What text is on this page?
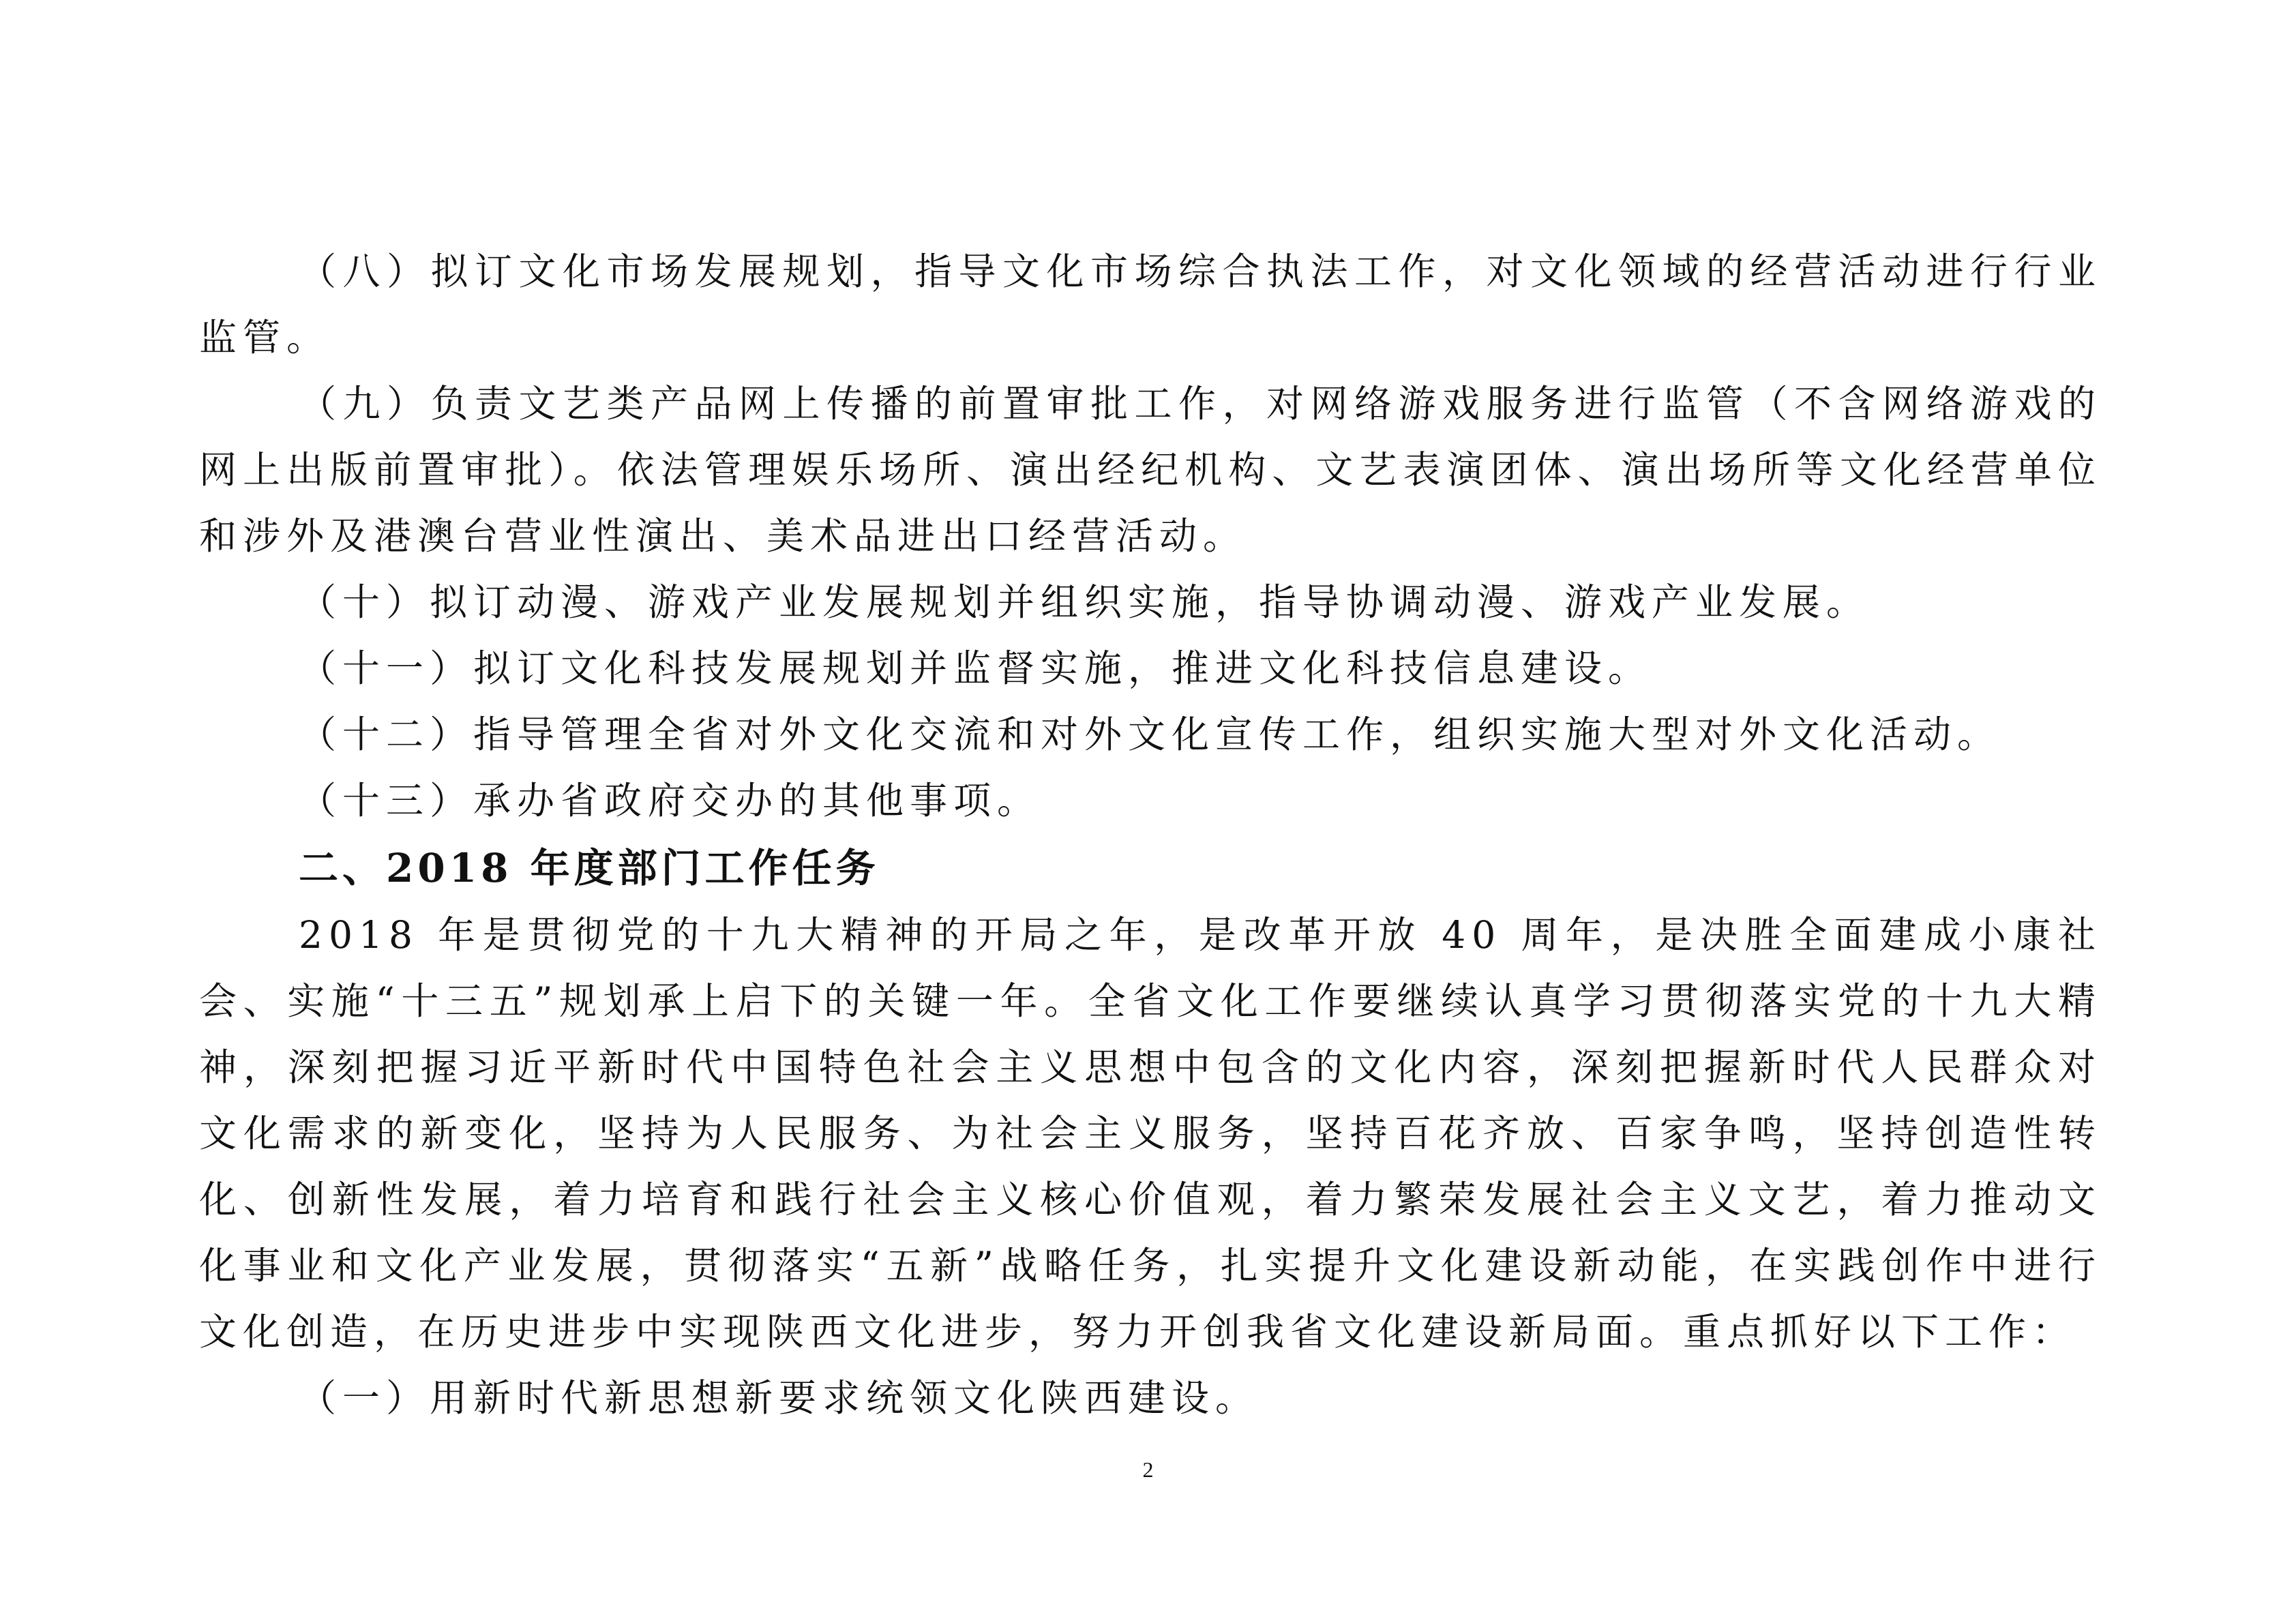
（八）拟订文化市场发展规划，指导文化市场综合执法工作，对文化领域的经营活动进行行业监管。

（九）负责文艺类产品网上传播的前置审批工作，对网络游戏服务进行监管（不含网络游戏的网上出版前置审批）。依法管理娱乐场所、演出经纪机构、文艺表演团体、演出场所等文化经营单位和涉外及港澳台营业性演出、美术品进出口经营活动。

（十）拟订动漫、游戏产业发展规划并组织实施，指导协调动漫、游戏产业发展。

（十一）拟订文化科技发展规划并监督实施，推进文化科技信息建设。

（十二）指导管理全省对外文化交流和对外文化宣传工作，组织实施大型对外文化活动。

（十三）承办省政府交办的其他事项。

二、2018 年度部门工作任务

2018 年是贯彻党的十九大精神的开局之年，是改革开放 40 周年，是决胜全面建成小康社会、实施“十三五”规划承上启下的关键一年。全省文化工作要继续认真学习贯彻落实党的十九大精神，深刻把握习近平新时代中国特色社会主义思想中包含的文化内容，深刻把握新时代人民群众对文化需求的新变化，坚持为人民服务、为社会主义服务，坚持百花齐放、百家争鸣，坚持创造性转化、创新性发展，着力培育和践行社会主义核心价值观，着力繁荣发展社会主义文艺，着力推动文化事业和文化产业发展，贯彻落实“五新”战略任务，扎实提升文化建设新动能，在实践创作中进行文化创造，在历史进步中实现陕西文化进步，努力开创我省文化建设新局面。重点抓好以下工作：

（一）用新时代新思想新要求统领文化陕西建设。

2
